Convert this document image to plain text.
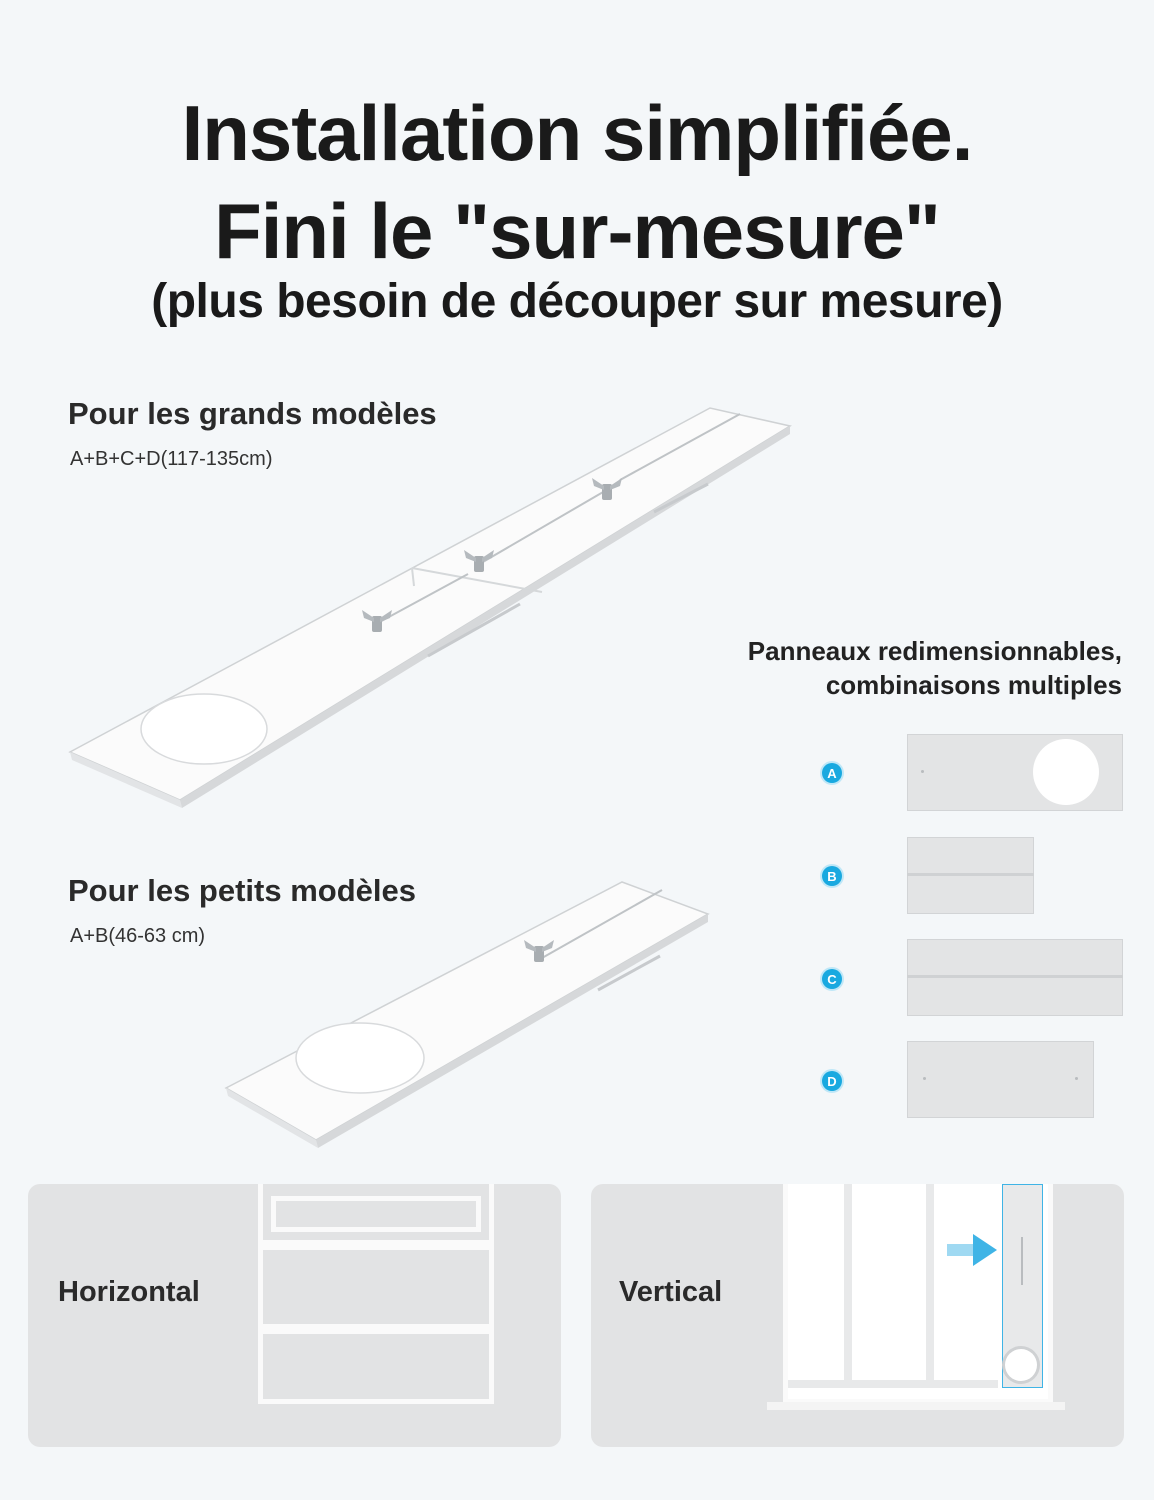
Installation simplifiée.
Fini le "sur-mesure"
(plus besoin de découper sur mesure)
Pour les grands modèles
A+B+C+D(117-135cm)
Panneaux redimensionnables,
combinaisons multiples
A
B
C
D
Pour les petits modèles
A+B(46-63 cm)
Horizontal	Vertical
